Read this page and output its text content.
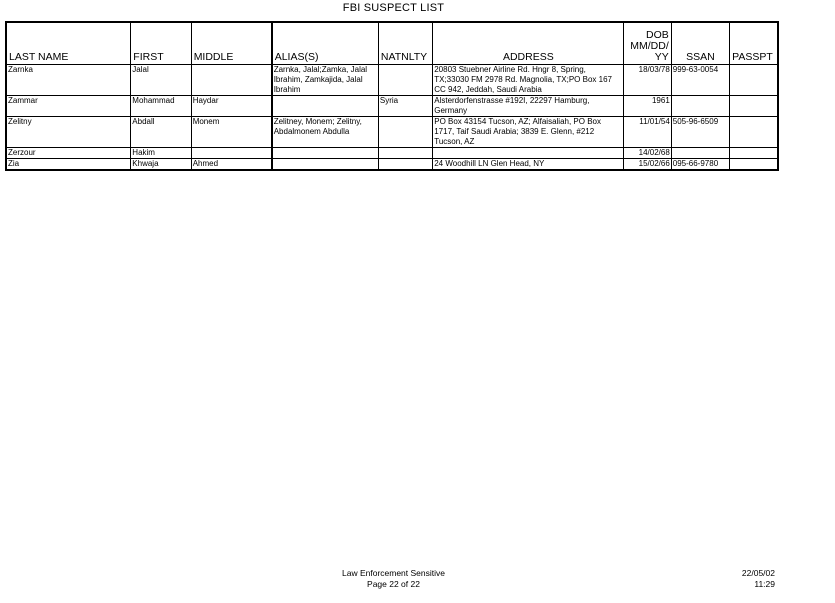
FBI SUSPECT LIST
LAST NAME	FIRST	MIDDLE	ALIAS(S)	NATNLTY	ADDRESS	DOB MM/DD/ YY	SSAN	PASSPT
Zarnka	Jalal		Zarnka, Jalal;Zamka, Jalal Ibrahim, Zamkajida, Jalal Ibrahim		20803 Stuebner Airline Rd. Hngr 8, Spring, TX;33030 FM 2978 Rd. Magnolia, TX;PO Box 167 CC 942, Jeddah, Saudi Arabia	18/03/78	999-63-0054	
Zammar	Mohammad	Haydar		Syria	Alsterdorfenstrasse #192I, 22297 Hamburg, Germany	1961		
Zelitny	Abdall	Monem	Zelitney, Monem; Zelitny, Abdalmonem Abdulla		PO Box 43154 Tucson, AZ; Alfaisaliah, PO Box 1717, Taif Saudi Arabia; 3839 E. Glenn, #212 Tucson, AZ	11/01/54	505-96-6509	
Zerzour	Hakim					14/02/68		
Zia	Khwaja	Ahmed			24 Woodhill LN Glen Head, NY	15/02/66	095-66-9780	
Law Enforcement Sensitive
Page 22 of 22
22/05/02
11:29
